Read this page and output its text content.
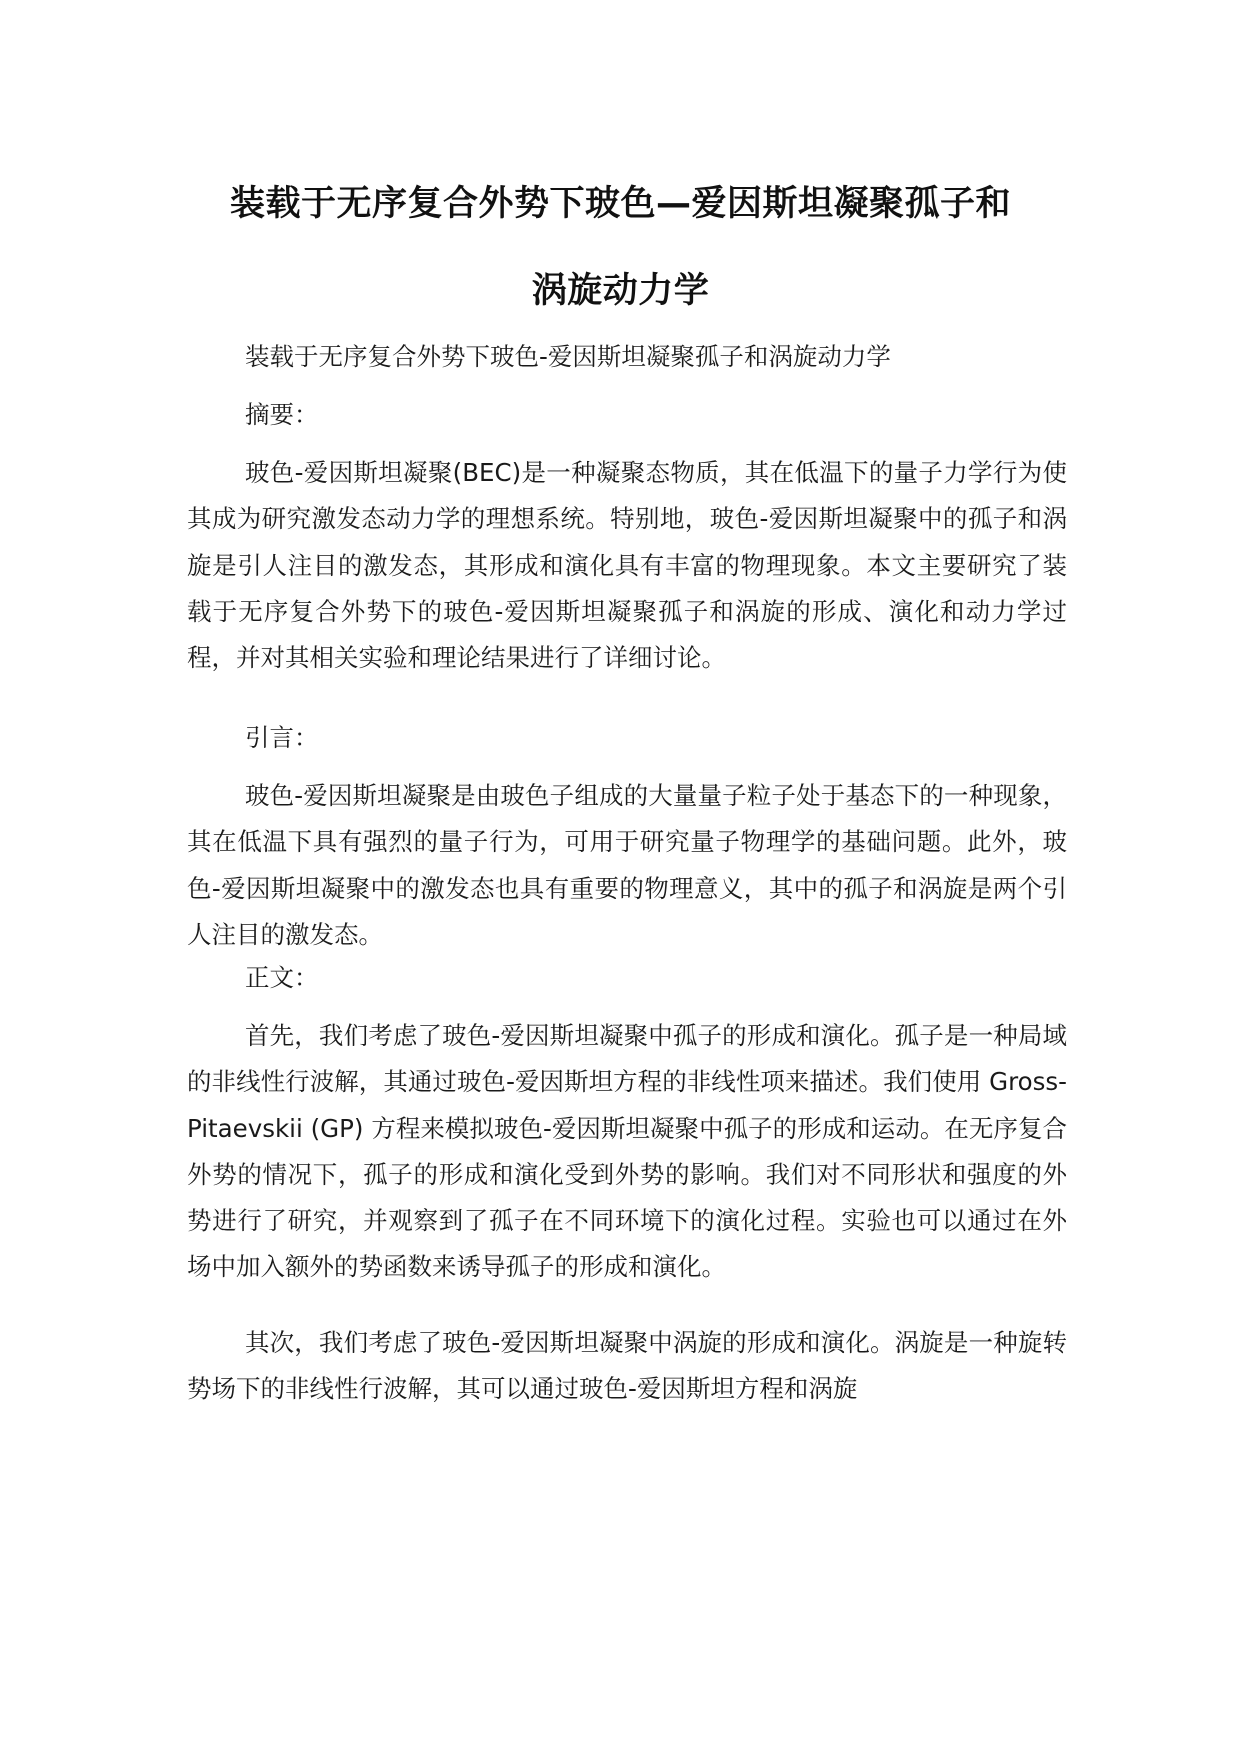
装载于无序复合外势下玻色—爱因斯坦凝聚孤子和
涡旋动力学

装载于无序复合外势下玻色-爱因斯坦凝聚孤子和涡旋动力学

摘要：

玻色-爱因斯坦凝聚(BEC)是一种凝聚态物质，其在低温下的量子力学行为使其成为研究激发态动力学的理想系统。特别地，玻色-爱因斯坦凝聚中的孤子和涡旋是引人注目的激发态，其形成和演化具有丰富的物理现象。本文主要研究了装载于无序复合外势下的玻色-爱因斯坦凝聚孤子和涡旋的形成、演化和动力学过程，并对其相关实验和理论结果进行了详细讨论。

引言：

玻色-爱因斯坦凝聚是由玻色子组成的大量量子粒子处于基态下的一种现象，其在低温下具有强烈的量子行为，可用于研究量子物理学的基础问题。此外，玻色-爱因斯坦凝聚中的激发态也具有重要的物理意义，其中的孤子和涡旋是两个引人注目的激发态。

正文：

首先，我们考虑了玻色-爱因斯坦凝聚中孤子的形成和演化。孤子是一种局域的非线性行波解，其通过玻色-爱因斯坦方程的非线性项来描述。我们使用 Gross-Pitaevskii (GP) 方程来模拟玻色-爱因斯坦凝聚中孤子的形成和运动。在无序复合外势的情况下，孤子的形成和演化受到外势的影响。我们对不同形状和强度的外势进行了研究，并观察到了孤子在不同环境下的演化过程。实验也可以通过在外场中加入额外的势函数来诱导孤子的形成和演化。

其次，我们考虑了玻色-爱因斯坦凝聚中涡旋的形成和演化。涡旋是一种旋转势场下的非线性行波解，其可以通过玻色-爱因斯坦方程和涡旋
